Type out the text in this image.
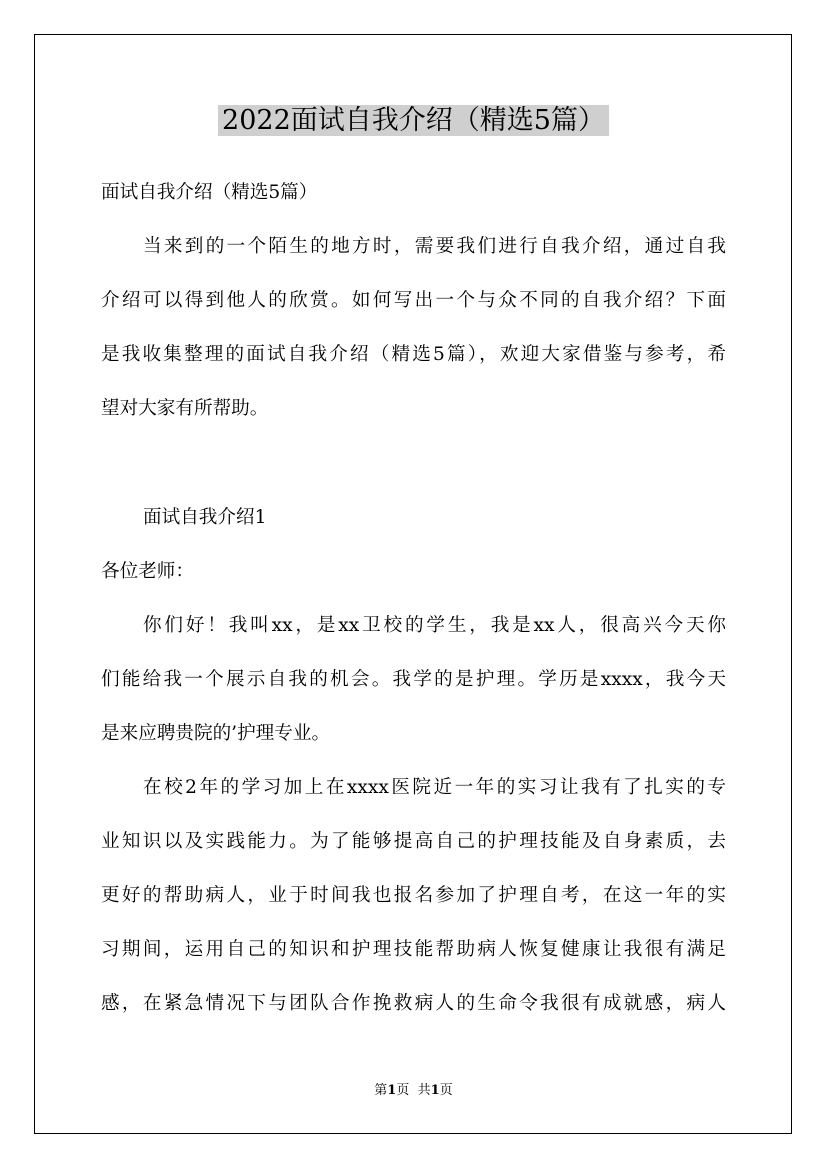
2022面试自我介绍（精选5篇）
面试自我介绍（精选5篇）
当来到的一个陌生的地方时，需要我们进行自我介绍，通过自我
介绍可以得到他人的欣赏。如何写出一个与众不同的自我介绍？下面
是我收集整理的面试自我介绍（精选5篇），欢迎大家借鉴与参考，希
望对大家有所帮助。
面试自我介绍1
各位老师：
你们好！我叫xx，是xx卫校的学生，我是xx人，很高兴今天你
们能给我一个展示自我的机会。我学的是护理。学历是xxxx，我今天
是来应聘贵院的’护理专业。
在校2年的学习加上在xxxx医院近一年的实习让我有了扎实的专
业知识以及实践能力。为了能够提高自己的护理技能及自身素质，去
更好的帮助病人，业于时间我也报名参加了护理自考，在这一年的实
习期间，运用自己的知识和护理技能帮助病人恢复健康让我很有满足
感，在紧急情况下与团队合作挽救病人的生命令我很有成就感，病人
第1页 共1页
